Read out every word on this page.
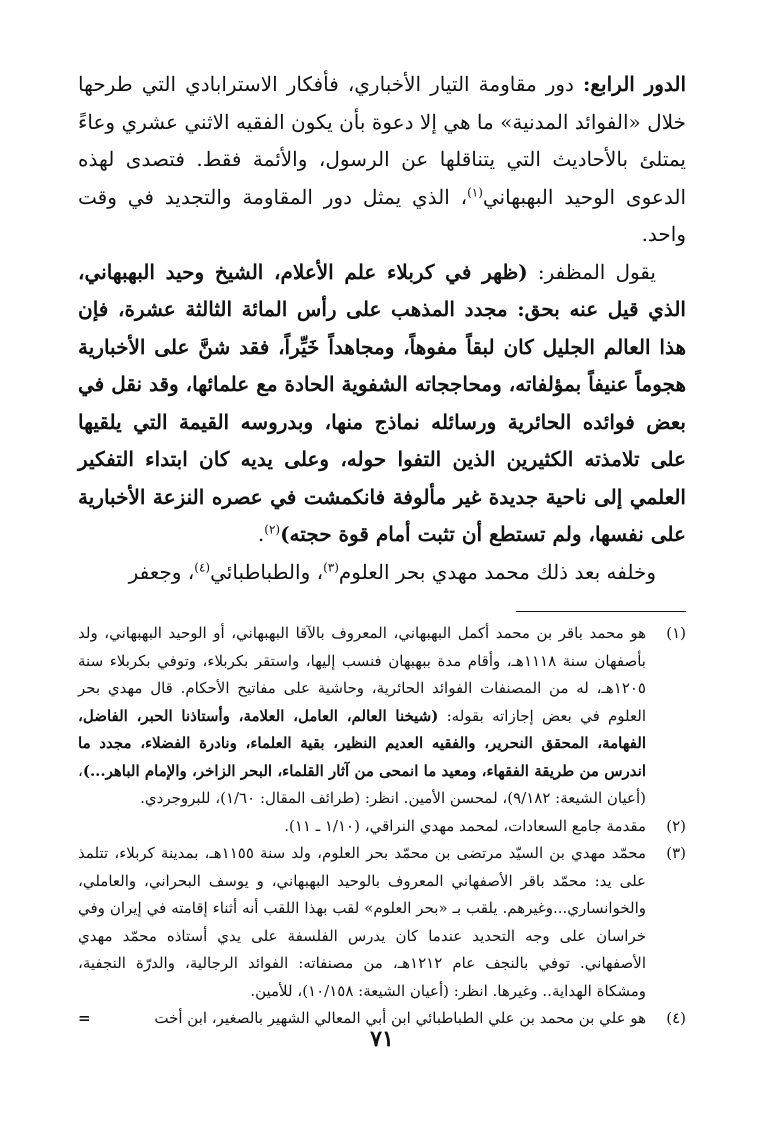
الدور الرابع: دور مقاومة التيار الأخباري، فأفكار الاسترابادي التي طرحها خلال «الفوائد المدنية» ما هي إلا دعوة بأن يكون الفقيه الاثني عشري وعاءً يمتلئ بالأحاديث التي يتناقلها عن الرسول، والأئمة فقط. فتصدى لهذه الدعوى الوحيد البهبهاني$^{(١)}$، الذي يمثل دور المقاومة والتجديد في وقت واحد.

يقول المظفر: (ظهر في كربلاء علم الأعلام، الشيخ وحيد البهبهاني، الذي قيل عنه بحق: مجدد المذهب على رأس المائة الثالثة عشرة، فإن هذا العالم الجليل كان لبقاً مفوهاً، ومجاهداً خَيِّراً، فقد شنَّ على الأخبارية هجوماً عنيفاً بمؤلفاته، ومحاججاته الشفوية الحادة مع علمائها، وقد نقل في بعض فوائده الحائرية ورسائله نماذج منها، وبدروسه القيمة التي يلقيها على تلامذته الكثيرين الذين التفوا حوله، وعلى يديه كان ابتداء التفكير العلمي إلى ناحية جديدة غير مألوفة فانكمشت في عصره النزعة الأخبارية على نفسها، ولم تستطع أن تثبت أمام قوة حجته)$^{(٢)}$.

وخلفه بعد ذلك محمد مهدي بحر العلوم$^{(٣)}$، والطباطبائي$^{(٤)}$، وجعفر

(١)
هو محمد باقر بن محمد أكمل البهبهاني، المعروف بالآقا البهبهاني، أو الوحيد البهبهاني، ولد بأصفهان سنة ١١١٨هـ، وأقام مدة ببهبهان فنسب إليها، واستقر بكربلاء، وتوفي بكربلاء سنة ١٢٠٥هـ، له من المصنفات الفوائد الحائرية، وحاشية على مفاتيح الأحكام. قال مهدي بحر العلوم في بعض إجازاته بقوله: (شيخنا العالم، العامل، العلامة، وأستاذنا الحبر، الفاضل، الفهامة، المحقق النحرير، والفقيه العديم النظير، بقية العلماء، ونادرة الفضلاء، مجدد ما اندرس من طريقة الفقهاء، ومعيد ما انمحى من آثار القلماء، البحر الزاخر، والإمام الباهر...)، (أعيان الشيعة: ٩/١٨٢)، لمحسن الأمين. انظر: (طرائف المقال: ١/٦٠)، للبروجردي.
(٢)
مقدمة جامع السعادات، لمحمد مهدي النراقي، (١/١٠ ـ ١١).
(٣)
محمّد مهدي بن السيّد مرتضى بن محمّد بحر العلوم، ولد سنة ١١٥٥هـ، بمدينة كربلاء، تتلمذ على يد: محمّد باقر الأصفهاني المعروف بالوحيد البهبهاني، و يوسف البحراني، والعاملي، والخوانساري...وغيرهم. يلقب بـ «بحر العلوم» لقب بهذا اللقب أنه أثناء إقامته في إيران وفي خراسان على وجه التحديد عندما كان يدرس الفلسفة على يدي أستاذه محمّد مهدي الأصفهاني. توفي بالنجف عام ١٢١٢هـ، من مصنفاته: الفوائد الرجالية، والدرّة النجفية، ومشكاة الهداية.. وغيرها. انظر: (أعيان الشيعة: ١٠/١٥٨)، للأمين.
(٤)
هو علي بن محمد بن علي الطباطبائي ابن أبي المعالي الشهير بالصغير، ابن أخت
=
٧١
